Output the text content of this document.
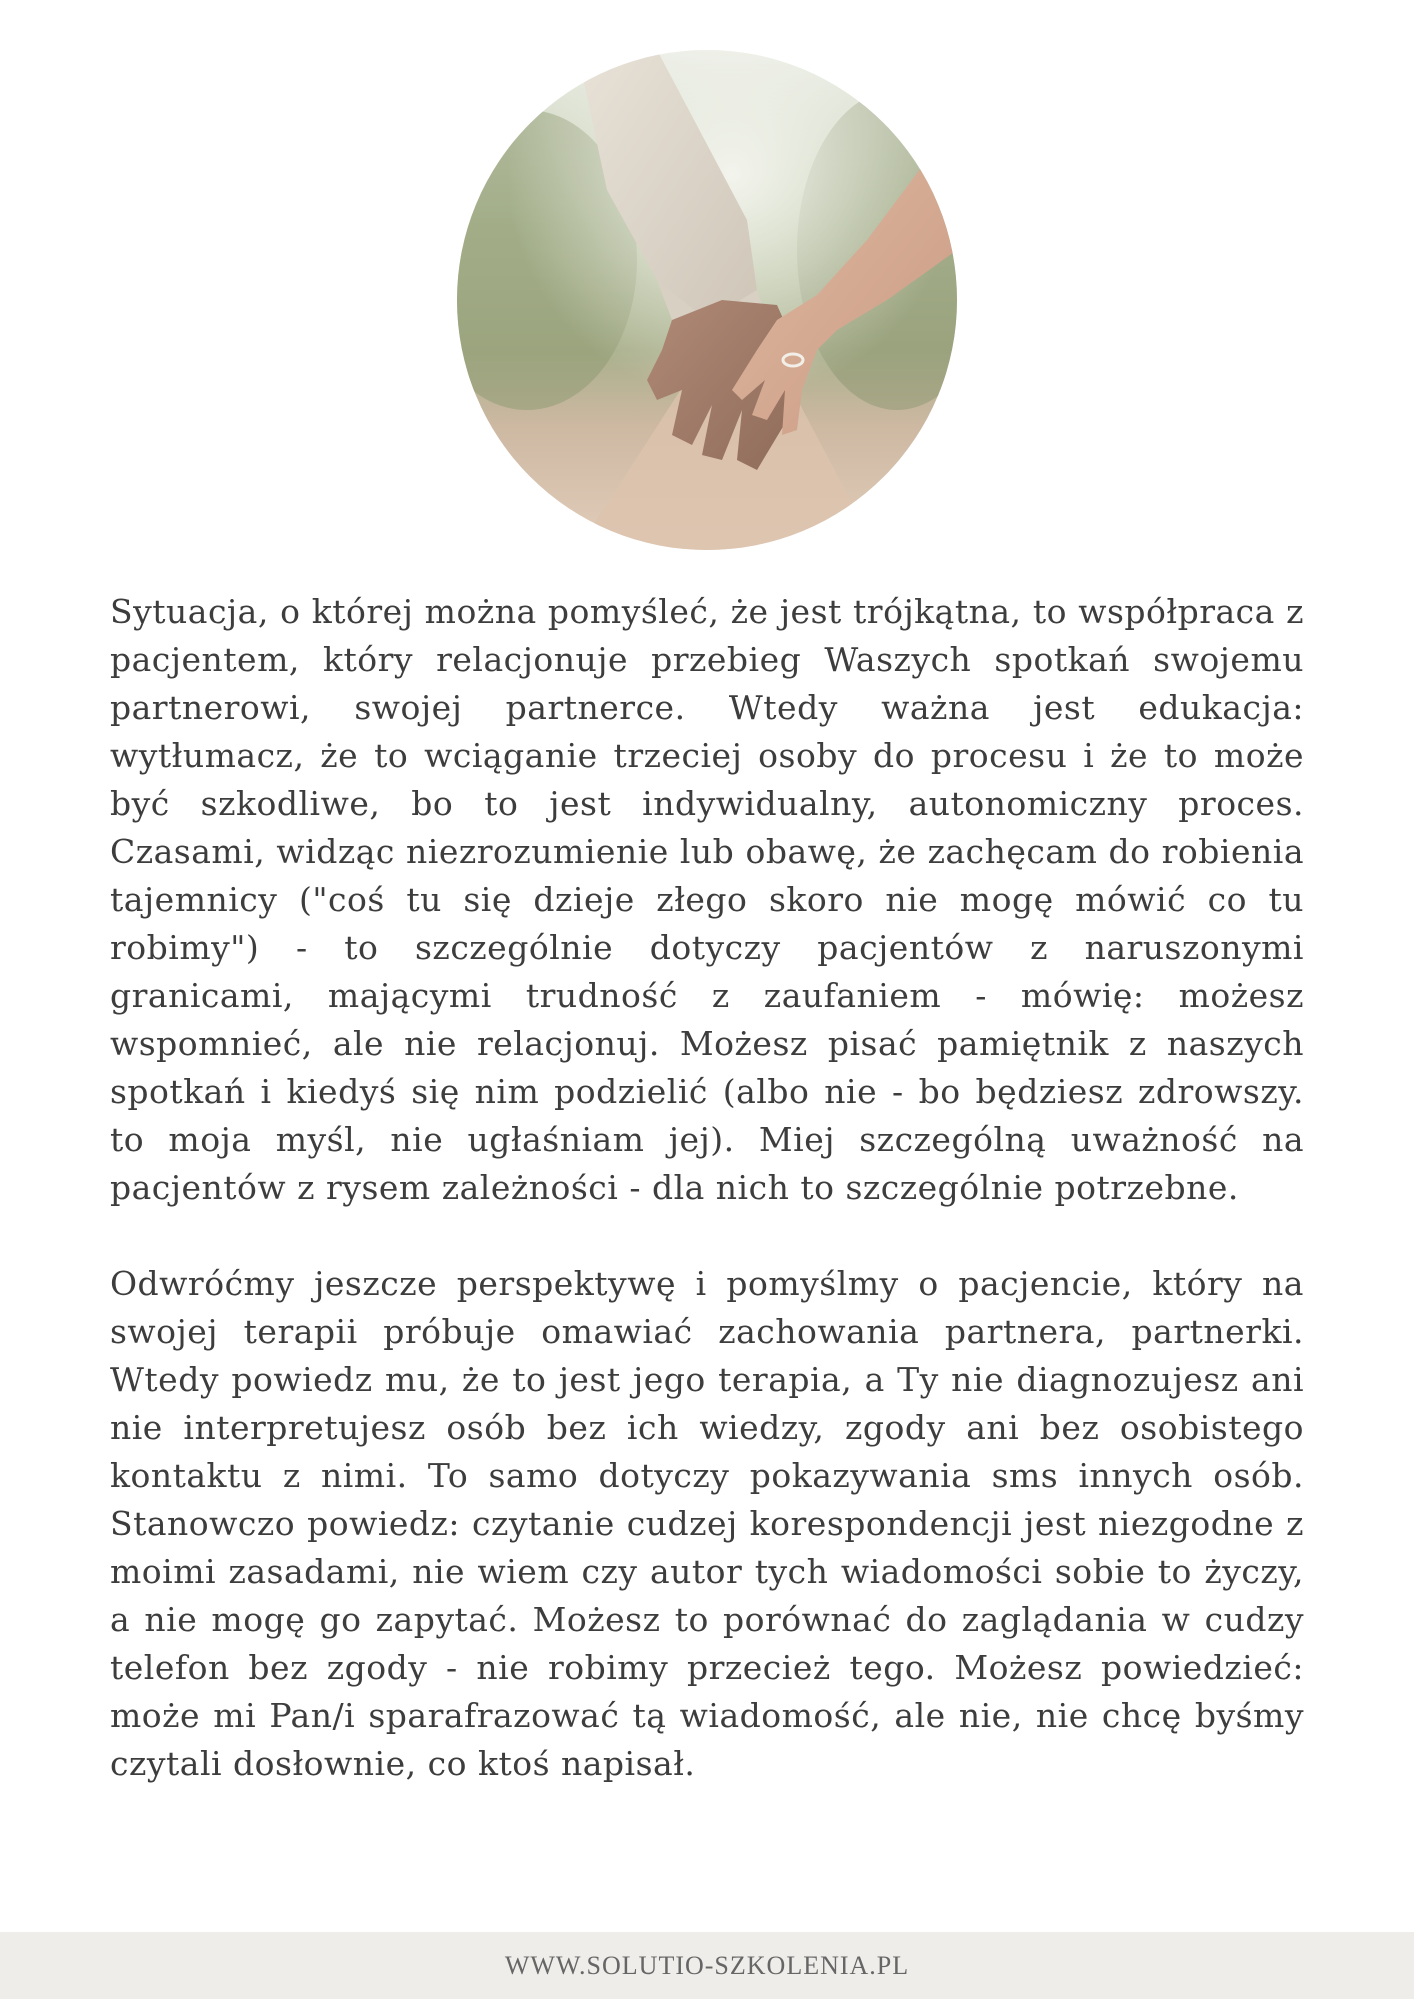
Sytuacja, o której można pomyśleć, że jest trójkątna, to współpraca z pacjentem, który relacjonuje przebieg Waszych spotkań swojemu partnerowi, swojej partnerce. Wtedy ważna jest edukacja: wytłumacz, że to wciąganie trzeciej osoby do procesu i że to może być szkodliwe, bo to jest indywidualny, autonomiczny proces. Czasami, widząc niezrozumienie lub obawę, że zachęcam do robienia tajemnicy ("coś tu się dzieje złego skoro nie mogę mówić co tu robimy") - to szczególnie dotyczy pacjentów z naruszonymi granicami, mającymi trudność z zaufaniem - mówię: możesz wspomnieć, ale nie relacjonuj. Możesz pisać pamiętnik z naszych spotkań i kiedyś się nim podzielić (albo nie - bo będziesz zdrowszy. to moja myśl, nie ugłaśniam jej). Miej szczególną uważność na pacjentów z rysem zależności - dla nich to szczególnie potrzebne.

Odwróćmy jeszcze perspektywę i pomyślmy o pacjencie, który na swojej terapii próbuje omawiać zachowania partnera, partnerki. Wtedy powiedz mu, że to jest jego terapia, a Ty nie diagnozujesz ani nie interpretujesz osób bez ich wiedzy, zgody ani bez osobistego kontaktu z nimi. To samo dotyczy pokazywania sms innych osób. Stanowczo powiedz: czytanie cudzej korespondencji jest niezgodne z moimi zasadami, nie wiem czy autor tych wiadomości sobie to życzy, a nie mogę go zapytać. Możesz to porównać do zaglądania w cudzy telefon bez zgody - nie robimy przecież tego. Możesz powiedzieć: może mi Pan/i sparafrazować tą wiadomość, ale nie, nie chcę byśmy czytali dosłownie, co ktoś napisał.

WWW.SOLUTIO-SZKOLENIA.PL
